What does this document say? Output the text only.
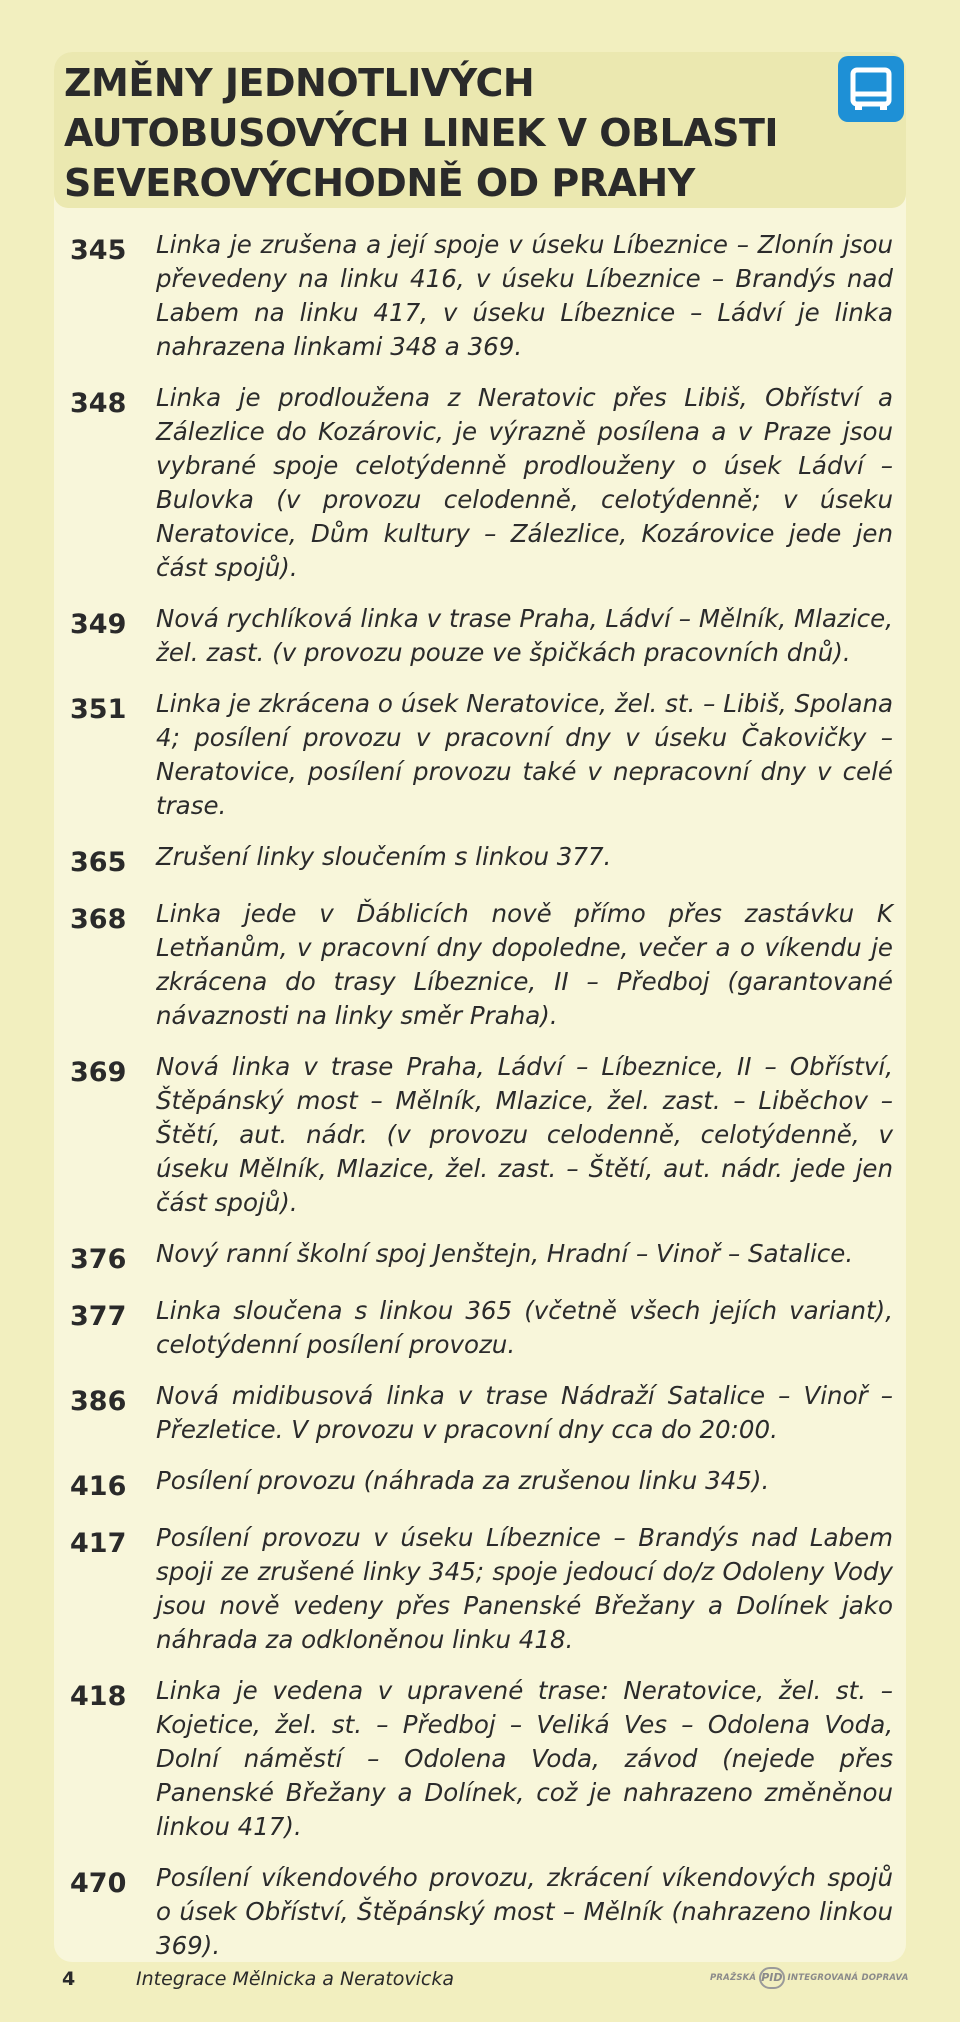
ZMĚNY JEDNOTLIVÝCH
AUTOBUSOVÝCH LINEK V OBLASTI
SEVEROVÝCHODNĚ OD PRAHY
345	Linka je zrušena a její spoje v úseku Líbeznice – Zlonín jsou převedeny na linku 416, v úseku Líbeznice – Brandýs nad Labem na linku 417, v úseku Líbeznice – Ládví je linka nahrazena linkami 348 a 369.
348	Linka je prodloužena z Neratovic přes Libiš, Obříství a Zálezlice do Kozárovic, je výrazně posílena a v Praze jsou vybrané spoje celotýdenně prodlouženy o úsek Ládví – Bulovka (v provozu celodenně, celotýdenně; v úseku Neratovice, Dům kultury – Zálezlice, Kozárovice jede jen část spojů).
349	Nová rychlíková linka v trase Praha, Ládví – Mělník, Mlazice, žel. zast. (v provozu pouze ve špičkách pracovních dnů).
351	Linka je zkrácena o úsek Neratovice, žel. st. – Libiš, Spolana 4; posílení provozu v pracovní dny v úseku Čakovičky – Neratovice, posílení provozu také v nepracovní dny v celé trase.
365	Zrušení linky sloučením s linkou 377.
368	Linka jede v Ďáblicích nově přímo přes zastávku K Letňanům, v pracovní dny dopoledne, večer a o víkendu je zkrácena do trasy Líbeznice, II – Předboj (garantované návaznosti na linky směr Praha).
369	Nová linka v trase Praha, Ládví – Líbeznice, II – Obříství, Štěpánský most – Mělník, Mlazice, žel. zast. – Liběchov – Štětí, aut. nádr. (v provozu celodenně, celotýdenně, v úseku Mělník, Mlazice, žel. zast. – Štětí, aut. nádr. jede jen část spojů).
376	Nový ranní školní spoj Jenštejn, Hradní – Vinoř – Satalice.
377	Linka sloučena s linkou 365 (včetně všech jejích variant), celotýdenní posílení provozu.
386	Nová midibusová linka v trase Nádraží Satalice – Vinoř – Přezletice. V provozu v pracovní dny cca do 20:00.
416	Posílení provozu (náhrada za zrušenou linku 345).
417	Posílení provozu v úseku Líbeznice – Brandýs nad Labem spoji ze zrušené linky 345; spoje jedoucí do/z Odoleny Vody jsou nově vedeny přes Panenské Břežany a Dolínek jako náhrada za odkloněnou linku 418.
418	Linka je vedena v upravené trase: Neratovice, žel. st. – Kojetice, žel. st. – Předboj – Veliká Ves – Odolena Voda, Dolní náměstí – Odolena Voda, závod (nejede přes Panenské Břežany a Dolínek, což je nahrazeno změněnou linkou 417).
470	Posílení víkendového provozu, zkrácení víkendových spojů o úsek Obříství, Štěpánský most – Mělník (nahrazeno linkou 369).
4	Integrace Mělnicka a Neratovicka	PRAŽSKÁ PID INTEGROVANÁ DOPRAVA
